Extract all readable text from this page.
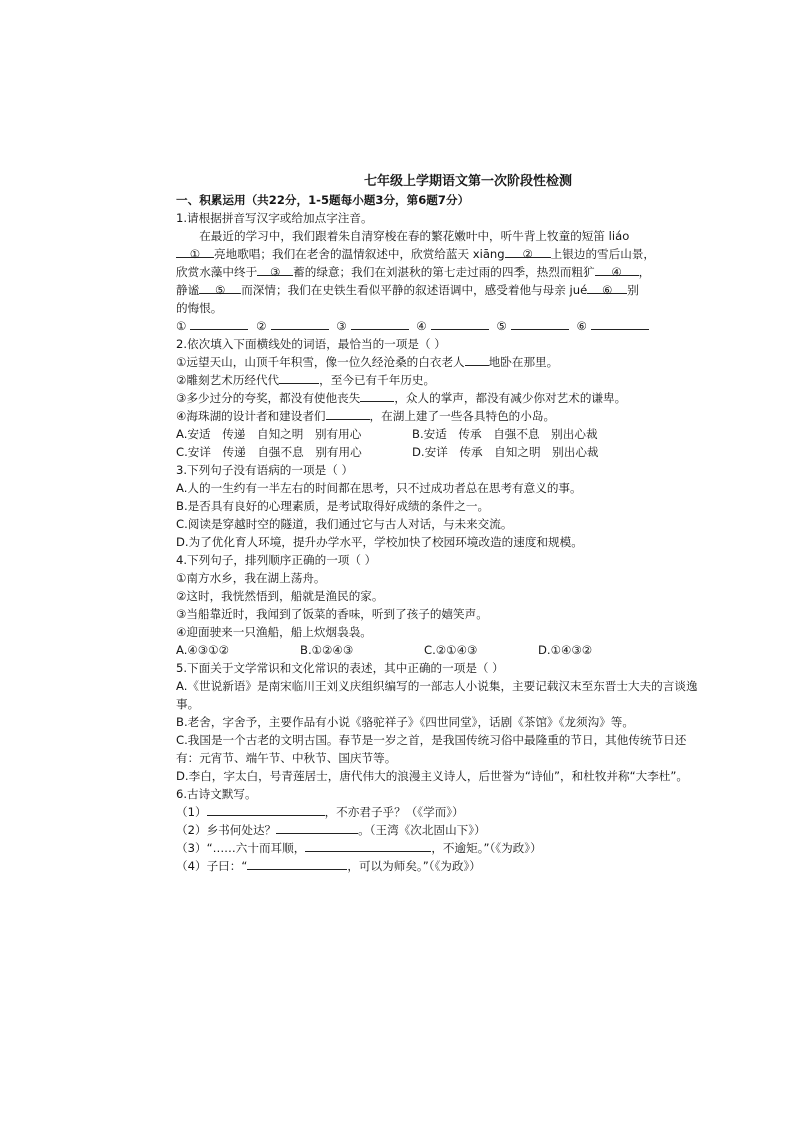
七年级上学期语文第一次阶段性检测

一、积累运用（共22分，1-5题每小题3分，第6题7分）

1.请根据拼音写汉字或给加点字注音。

在最近的学习中，我们跟着朱自清穿梭在春的繁花嫩叶中，听牛背上牧童的短笛 liáo

① 亮地歌唱；我们在老舍的温情叙述中，欣赏给蓝天 xiāng ② 上银边的雪后山景，

欣赏水藻中终于 ③ 蓄的绿意；我们在刘湛秋的第七走过雨的四季，热烈而粗犷 ④ ，

静谧 ⑤ 而深情；我们在史铁生看似平静的叙述语调中，感受着他与母亲 jué ⑥ 别

的悔恨。

①	②	③	④	⑤	⑥

2.依次填入下面横线处的词语，最恰当的一项是（ ）

①远望天山，山顶千年积雪，像一位久经沧桑的白衣老人 地卧在那里。

②雕刻艺术历经代代	，至今已有千年历史。

③多少过分的夸奖，都没有使他丧失	，众人的掌声，都没有减少你对艺术的谦卑。

④海珠湖的设计者和建设者们	，在湖上建了一些各具特色的小岛。

A.安适　传递　自知之明　别有用心	B.安适　传承　自强不息　别出心裁

C.安详　传递　自强不息　别有用心	D.安详　传承　自知之明　别出心裁

3.下列句子没有语病的一项是（ ）

A.人的一生约有一半左右的时间都在思考，只不过成功者总在思考有意义的事。

B.是否具有良好的心理素质，是考试取得好成绩的条件之一。

C.阅读是穿越时空的隧道，我们通过它与古人对话，与未来交流。

D.为了优化育人环境，提升办学水平，学校加快了校园环境改造的速度和规模。

4.下列句子，排列顺序正确的一项（ ）

①南方水乡，我在湖上荡舟。

②这时，我恍然悟到，船就是渔民的家。

③当船靠近时，我闻到了饭菜的香味，听到了孩子的嬉笑声。

④迎面驶来一只渔船，船上炊烟袅袅。

A.④③①②	B.①②④③	C.②①④③	D.①④③②

5.下面关于文学常识和文化常识的表述，其中正确的一项是（ ）

A.《世说新语》是南宋临川王刘义庆组织编写的一部志人小说集，主要记载汉末至东晋士大夫的言谈逸事。

B.老舍，字舍予，主要作品有小说《骆驼祥子》《四世同堂》，话剧《茶馆》《龙须沟》等。

C.我国是一个古老的文明古国。春节是一岁之首，是我国传统习俗中最隆重的节日，其他传统节日还有：元宵节、端午节、中秋节、国庆节等。

D.李白，字太白，号青莲居士，唐代伟大的浪漫主义诗人，后世誉为“诗仙”，和杜牧并称“大李杜”。

6.古诗文默写。

（1）	，不亦君子乎？（《学而》）

（2）乡书何处达？	。（王湾《次北固山下》）

（3）“……六十而耳顺，	，不逾矩。”（《为政》）

（4）子曰：“	，可以为师矣。”（《为政》）
